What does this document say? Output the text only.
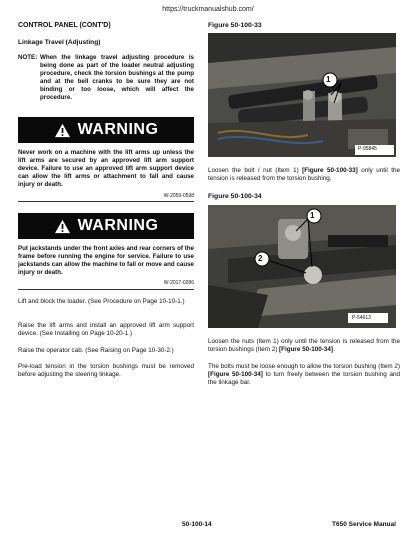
https://truckmanualshub.com/
CONTROL PANEL (CONT'D)
Linkage Travel (Adjusting)
NOTE: When the linkage travel adjusting procedure is being done as part of the loader neutral adjusting procedure, check the torsion bushings at the pump and at the bell cranks to be sure they are not binding or too loose, which will affect the procedure.
WARNING
Never work on a machine with the lift arms up unless the lift arms are secured by an approved lift arm support device. Failure to use an approved lift arm support device can allow the lift arms or attachment to fall and cause injury or death.
W-2059-0598
WARNING
Put jackstands under the front axles and rear corners of the frame before running the engine for service. Failure to use jackstands can allow the machine to fall or move and cause injury or death.
W-2017-0286
Lift and block the loader. (See Procedure on Page 10-10-1.)
Raise the lift arms and install an approved lift arm support device. (See Installing on Page 10-20-1.)
Raise the operator cab. (See Raising on Page 10-30-2.)
Pre-load tension in the torsion bushings must be removed before adjusting the steering linkage.
Figure 50-100-33
1
P-95845
Loosen the bolt / nut (Item 1) [Figure 50-100-33] only until the tension is released from the torsion bushing.
Figure 50-100-34
1
2
P-54613
Loosen the nuts (Item 1) only until the tension is released from the torsion bushings (Item 2) [Figure 50-100-34].
The bolts must be loose enough to allow the torsion bushing (Item 2) [Figure 50-100-34] to turn freely between the torsion bushing and the linkage bar.
50-100-14	T650 Service Manual
